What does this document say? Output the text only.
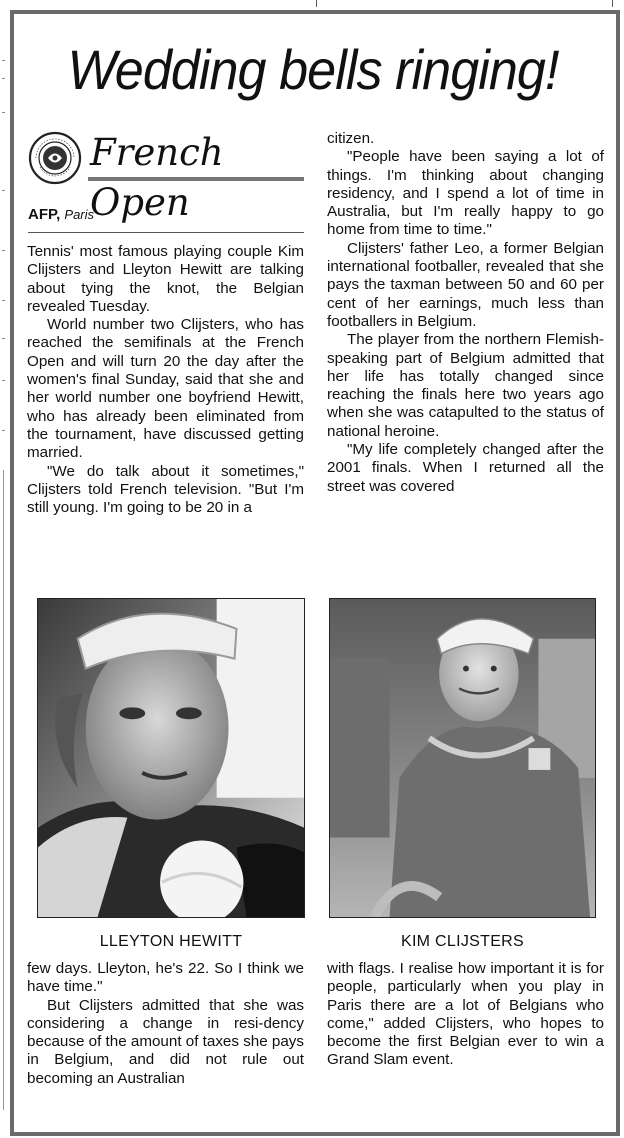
Wedding bells ringing!
French Open
AFP, Paris

Tennis' most famous playing couple Kim Clijsters and Lleyton Hewitt are talking about tying the knot, the Belgian revealed Tuesday.

World number two Clijsters, who has reached the semifinals at the French Open and will turn 20 the day after the women's final Sunday, said that she and her world number one boyfriend Hewitt, who has already been eliminated from the tournament, have discussed getting married.

"We do talk about it sometimes," Clijsters told French television. "But I'm still young. I'm going to be 20 in a

citizen.

"People have been saying a lot of things. I'm thinking about changing residency, and I spend a lot of time in Australia, but I'm really happy to go home from time to time."

Clijsters' father Leo, a former Belgian international footballer, revealed that she pays the taxman between 50 and 60 per cent of her earnings, much less than footballers in Belgium.

The player from the northern Flemish-speaking part of Belgium admitted that her life has totally changed since reaching the finals here two years ago when she was catapulted to the status of national heroine.

"My life completely changed after the 2001 finals. When I returned all the street was covered

LLEYTON HEWITT	KIM CLIJSTERS

few days. Lleyton, he's 22. So I think we have time."

But Clijsters admitted that she was considering a change in resi-dency because of the amount of taxes she pays in Belgium, and did not rule out becoming an Australian

with flags. I realise how important it is for people, particularly when you play in Paris there are a lot of Belgians who come," added Clijsters, who hopes to become the first Belgian ever to win a Grand Slam event.
